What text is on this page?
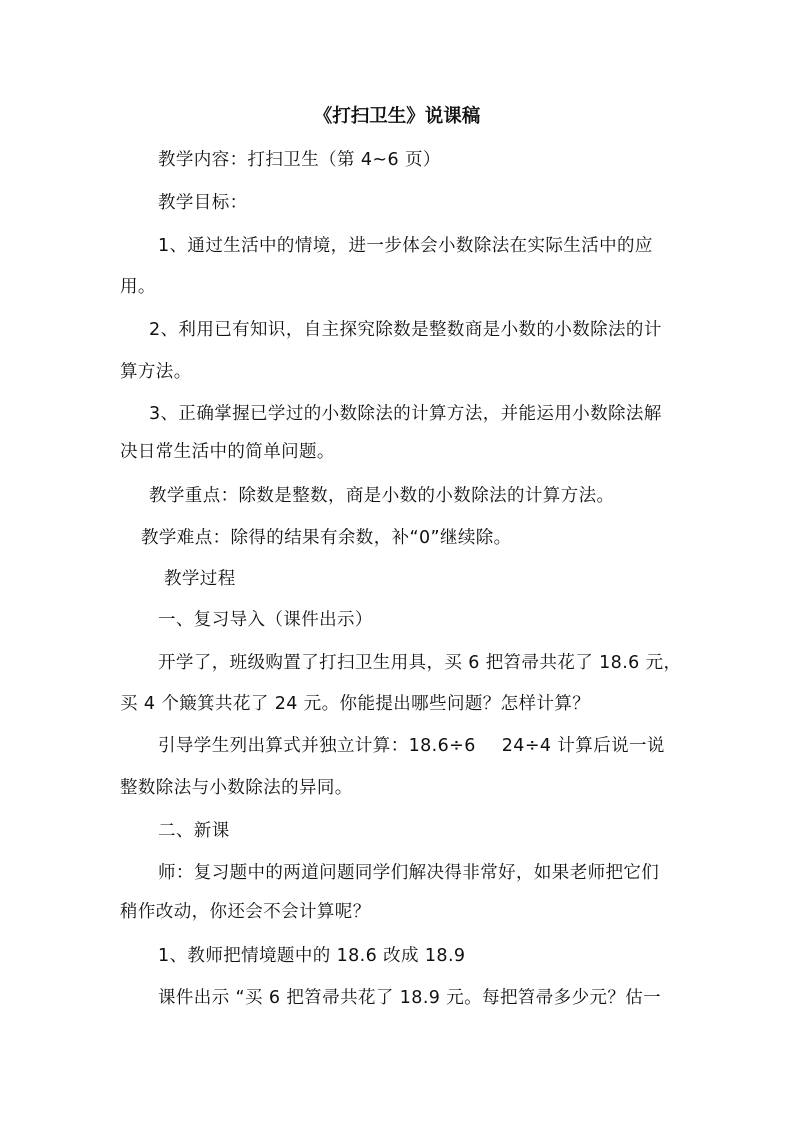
《打扫卫生》说课稿
教学内容：打扫卫生（第 4~6 页）
教学目标：
1、通过生活中的情境，进一步体会小数除法在实际生活中的应
用。
2、利用已有知识，自主探究除数是整数商是小数的小数除法的计
算方法。
3、正确掌握已学过的小数除法的计算方法，并能运用小数除法解
决日常生活中的简单问题。
教学重点：除数是整数，商是小数的小数除法的计算方法。
教学难点：除得的结果有余数，补“0”继续除。
教学过程
一、复习导入（课件出示）
开学了，班级购置了打扫卫生用具，买 6 把笤帚共花了 18.6 元，
买 4 个簸箕共花了 24 元。你能提出哪些问题？怎样计算？
引导学生列出算式并独立计算：18.6÷6 24÷4 计算后说一说
整数除法与小数除法的异同。
二、新课
师：复习题中的两道问题同学们解决得非常好，如果老师把它们
稍作改动，你还会不会计算呢？
1、教师把情境题中的 18.6 改成 18.9
课件出示 “买 6 把笤帚共花了 18.9 元。每把笤帚多少元？估一
